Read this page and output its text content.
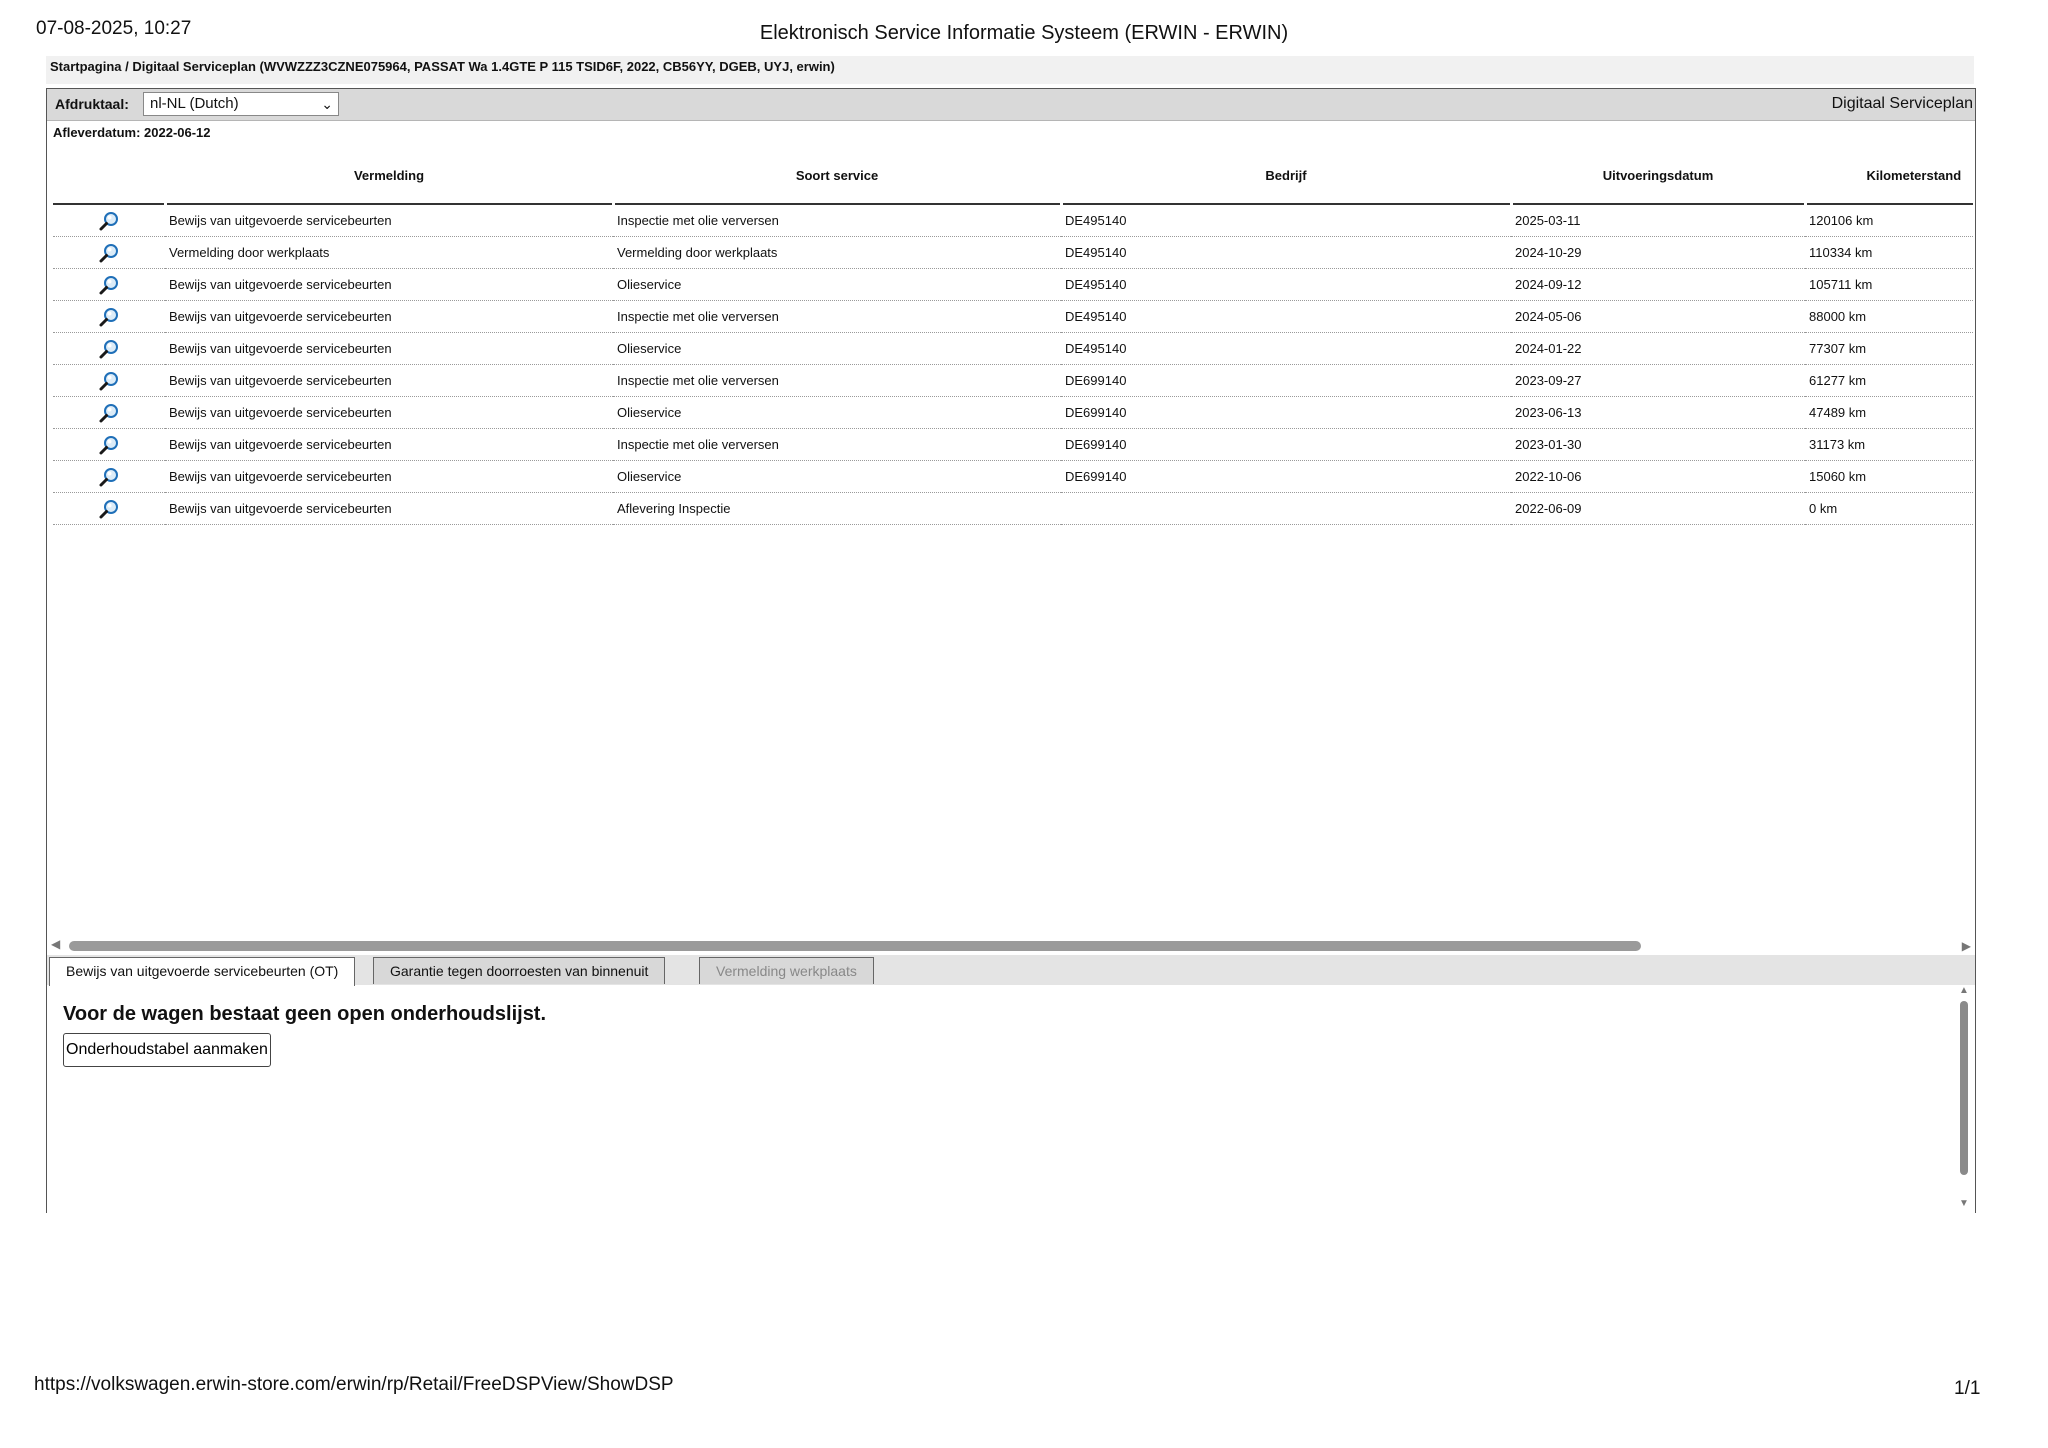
07-08-2025, 10:27	Elektronisch Service Informatie Systeem (ERWIN - ERWIN)
Startpagina / Digitaal Serviceplan (WVWZZZ3CZNE075964, PASSAT Wa 1.4GTE P 115 TSID6F, 2022, CB56YY, DGEB, UYJ, erwin)
Afdruktaal:	nl-NL (Dutch)	⌄	Digitaal Serviceplan
Afleverdatum: 2022-06-12
	Vermelding	Soort service	Bedrijf	Uitvoeringsdatum	Kilometerstand
	Bewijs van uitgevoerde servicebeurten	Inspectie met olie verversen	DE495140	2025-03-11	120106 km
	Vermelding door werkplaats	Vermelding door werkplaats	DE495140	2024-10-29	110334 km
	Bewijs van uitgevoerde servicebeurten	Olieservice	DE495140	2024-09-12	105711 km
	Bewijs van uitgevoerde servicebeurten	Inspectie met olie verversen	DE495140	2024-05-06	88000 km
	Bewijs van uitgevoerde servicebeurten	Olieservice	DE495140	2024-01-22	77307 km
	Bewijs van uitgevoerde servicebeurten	Inspectie met olie verversen	DE699140	2023-09-27	61277 km
	Bewijs van uitgevoerde servicebeurten	Olieservice	DE699140	2023-06-13	47489 km
	Bewijs van uitgevoerde servicebeurten	Inspectie met olie verversen	DE699140	2023-01-30	31173 km
	Bewijs van uitgevoerde servicebeurten	Olieservice	DE699140	2022-10-06	15060 km
	Bewijs van uitgevoerde servicebeurten	Aflevering Inspectie		2022-06-09	0 km
◀	▶
Bewijs van uitgevoerde servicebeurten (OT)	Garantie tegen doorroesten van binnenuit	Vermelding werkplaats
Voor de wagen bestaat geen open onderhoudslijst.
Onderhoudstabel aanmaken
▲
▼
https://volkswagen.erwin-store.com/erwin/rp/Retail/FreeDSPView/ShowDSP	1/1
